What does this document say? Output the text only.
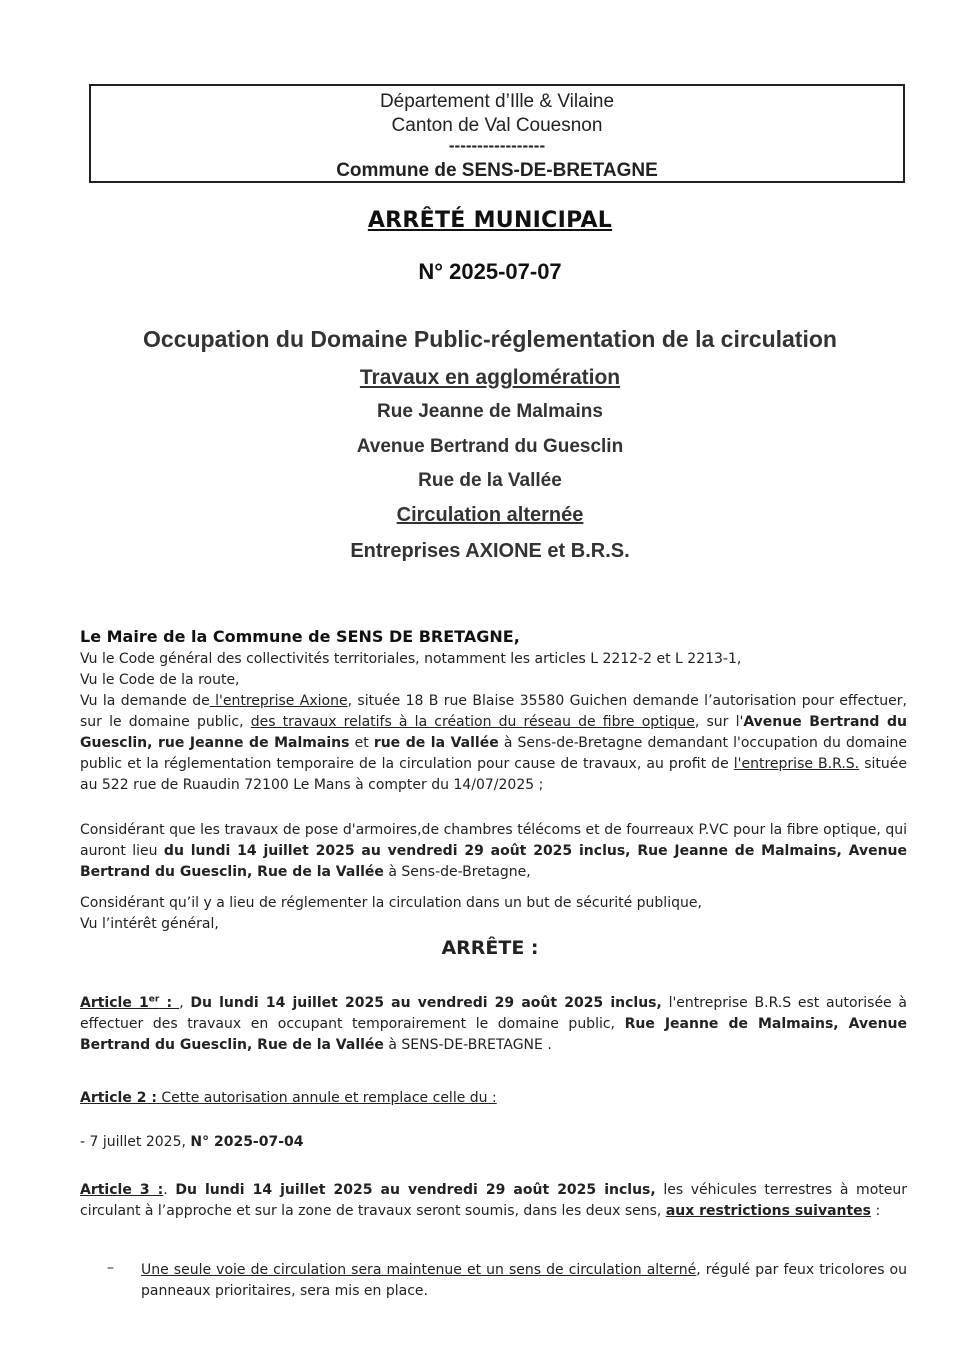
Département d’Ille & Vilaine
Canton de Val Couesnon
-----------------
Commune de SENS-DE-BRETAGNE
ARRÊTÉ MUNICIPAL
N° 2025-07-07
Occupation du Domaine Public-réglementation de la circulation
Travaux en agglomération
Rue Jeanne de Malmains
Avenue Bertrand du Guesclin
Rue de la Vallée
Circulation alternée
Entreprises AXIONE et B.R.S.
Le Maire de la Commune de SENS DE BRETAGNE,
Vu le Code général des collectivités territoriales, notamment les articles L 2212-2 et L 2213-1,
Vu le Code de la route,
Vu la demande de l'entreprise Axione, située 18 B rue Blaise 35580 Guichen demande l’autorisation pour effectuer, sur le domaine public, des travaux relatifs à la création du réseau de fibre optique, sur l'Avenue Bertrand du Guesclin, rue Jeanne de Malmains et rue de la Vallée à Sens-de-Bretagne demandant l'occupation du domaine public et la réglementation temporaire de la circulation pour cause de travaux, au profit de l'entreprise B.R.S. située au 522 rue de Ruaudin 72100 Le Mans à compter du 14/07/2025 ;
Considérant que les travaux de pose d'armoires,de chambres télécoms et de fourreaux P.VC pour la fibre optique, qui auront lieu du lundi 14 juillet 2025 au vendredi 29 août 2025 inclus, Rue Jeanne de Malmains, Avenue Bertrand du Guesclin, Rue de la Vallée à Sens-de-Bretagne,
Considérant qu’il y a lieu de réglementer la circulation dans un but de sécurité publique,
Vu l’intérêt général,
ARRÊTE :
Article 1er : , Du lundi 14 juillet 2025 au vendredi 29 août 2025 inclus, l'entreprise B.R.S est autorisée à effectuer des travaux en occupant temporairement le domaine public, Rue Jeanne de Malmains, Avenue Bertrand du Guesclin, Rue de la Vallée à SENS-DE-BRETAGNE .
Article 2 : Cette autorisation annule et remplace celle du :
- 7 juillet 2025, N° 2025-07-04
Article 3 :. Du lundi 14 juillet 2025 au vendredi 29 août 2025 inclus, les véhicules terrestres à moteur circulant à l’approche et sur la zone de travaux seront soumis, dans les deux sens, aux restrictions suivantes :
– Une seule voie de circulation sera maintenue et un sens de circulation alterné, régulé par feux tricolores ou panneaux prioritaires, sera mis en place.
